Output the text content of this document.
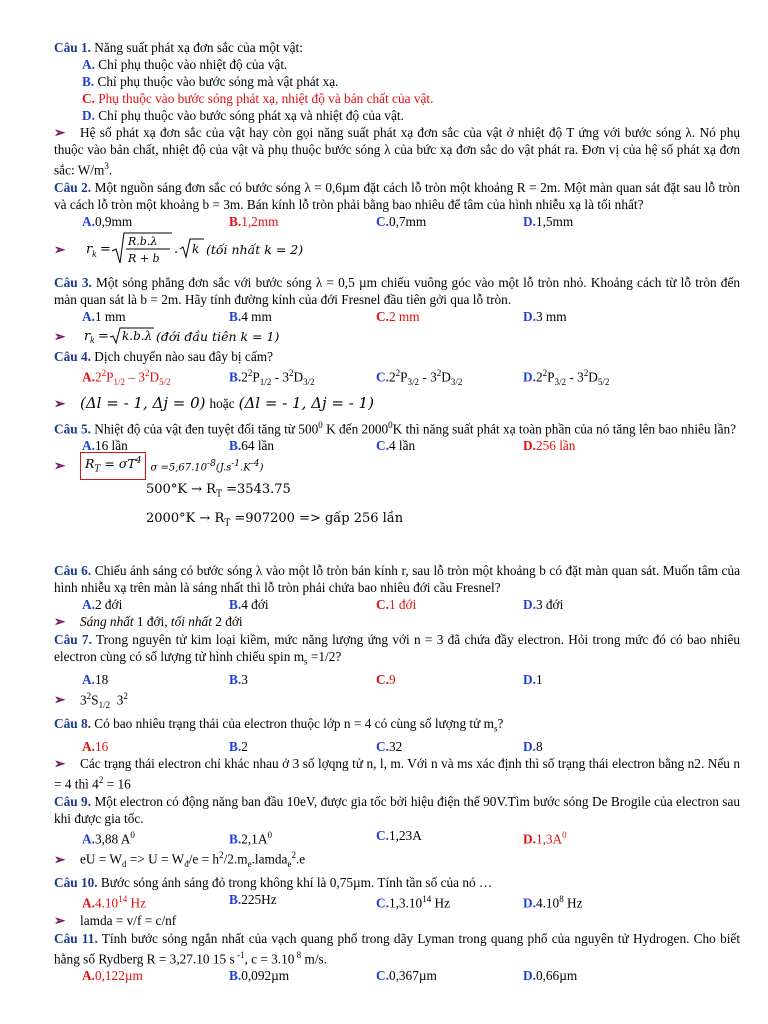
Câu 1. Năng suất phát xạ đơn sắc của một vật:
A. Chỉ phụ thuộc vào nhiệt độ của vật.
B. Chỉ phụ thuộc vào bước sóng mà vật phát xạ.
C. Phụ thuộc vào bước sóng phát xạ, nhiệt độ và bản chất của vật.
D. Chỉ phụ thuộc vào bước sóng phát xạ và nhiệt độ của vật.
➢ Hệ số phát xạ đơn sắc của vật hay còn gọi năng suất phát xạ đơn sắc của vật ở nhiệt độ T ứng với bước sóng λ. Nó phụ thuộc vào bản chất, nhiệt độ của vật và phụ thuộc bước sóng λ của bức xạ đơn sắc do vật phát ra. Đơn vị của hệ số phát xạ đơn sắc: $W/m^3$.
Câu 2. Một nguồn sáng đơn sắc có bước sóng λ = 0,6µm đặt cách lỗ tròn một khoảng R = 2m. Một màn quan sát đặt sau lỗ tròn và cách lỗ tròn một khoảng b = 3m. Bán kính lỗ tròn phải bằng bao nhiêu để tâm của hình nhiễu xạ là tối nhất?
A.0,9mm	B.1,2mm	C.0,7mm	D.1,5mm
➢	r k =
R.b.λ
R + b
. k (tối nhất k = 2)
Câu 3. Một sóng phẳng đơn sắc với bước sóng λ = 0,5 µm chiếu vuông góc vào một lỗ tròn nhỏ. Khoảng cách từ lỗ tròn đến màn quan sát là b = 2m. Hãy tính đường kính của đới Fresnel đầu tiên gởi qua lỗ tròn.
A.1 mm	B.4 mm	C.2 mm	D.3 mm
➢	r k = k.b.λ (đới đầu tiên k = 1)
Câu 4. Dịch chuyển nào sau đây bị cấm?
$A.2^2P_{1/2} - 3^2D_{5/2}$	$B.2^2P_{1/2} - 3^2D_{3/2}$	$C.2^2P_{3/2} - 3^2D_{3/2}$	$D.2^2P_{3/2} - 3^2D_{5/2}$
➢ (Δl = - 1, Δj = 0) hoặc (Δl = - 1, Δj = - 1)
Câu 5. Nhiệt độ của vật đen tuyệt đối tăng từ $500^0$ K đến 2000$^0$K thì năng suất phát xạ toàn phần của nó tăng lên bao nhiêu lần?
A.16 lần	B.64 lần	C.4 lần	D.256 lần
➢	$R_T = \sigma T^4$
$\sigma =5,67.10^{-8}(J.s^{-1}.K^{-4})$
$500^\circ K \to R_T =3543.75$
$2000^\circ K \to R_T =907200$ => gấp 256 lần
Câu 6. Chiếu ánh sáng có bước sóng λ vào một lỗ tròn bán kính r, sau lỗ tròn một khoảng b có đặt màn quan sát. Muốn tâm của hình nhiễu xạ trên màn là sáng nhất thì lỗ tròn phải chứa bao nhiêu đới cầu Fresnel?
A.2 đới	B.4 đới	C.1 đới	D.3 đới
➢ Sáng nhất 1 đới, tối nhất 2 đới
Câu 7. Trong nguyên tử kim loại kiềm, mức năng lượng ứng với n = 3 đã chứa đầy electron. Hỏi trong mức đó có bao nhiêu electron cùng có số lượng tử hình chiếu spin $m_s =1/2$?
A.18	B.3	C.9	D.1
➢ $3^2S_{1/2}$  $3^2$
Câu 8. Có bao nhiêu trạng thái của electron thuộc lớp n = 4 có cùng số lượng tử $m_s$?
A.16	B.2	C.32	D.8
➢ Các trạng thái electron chỉ khác nhau ở 3 số lợqng tử n, l, m. Với n và ms xác định thì số trạng thái electron bằng n2. Nếu n = 4 thì $4^2 = 16$
Câu 9. Một electron có động năng ban đầu 10eV, được gia tốc bởi hiệu điện thế 90V.Tìm bước sóng De Brogile của electron sau khi được gia tốc.
A.3,88 $A^0$	$B.2,1A^0$	C.1,23A	$D.1,3A^0$
➢ eU = $W_d => U = W_đ/e$ = $h^2/2.m_e.lamda_e^2.e$
Câu 10. Bước sóng ánh sáng đỏ trong không khí là 0,75µm. Tính tần số của nó …
A.4.10$^{14}$ Hz	B.225Hz	C.1,3.10$^{14}$ Hz	D.4.10$^8$ Hz
➢ lamda = v/f = c/nf
Câu 11. Tính bước sóng ngắn nhất của vạch quang phổ trong dãy Lyman trong quang phổ của nguyên tử Hydrogen. Cho biết hằng số Rydberg R = 3,27.10 15 s $^{-1}$, c = 3.10 $^8$ m/s.
A.0,122µm	B.0,092µm	C.0,367µm	D.0,66µm
